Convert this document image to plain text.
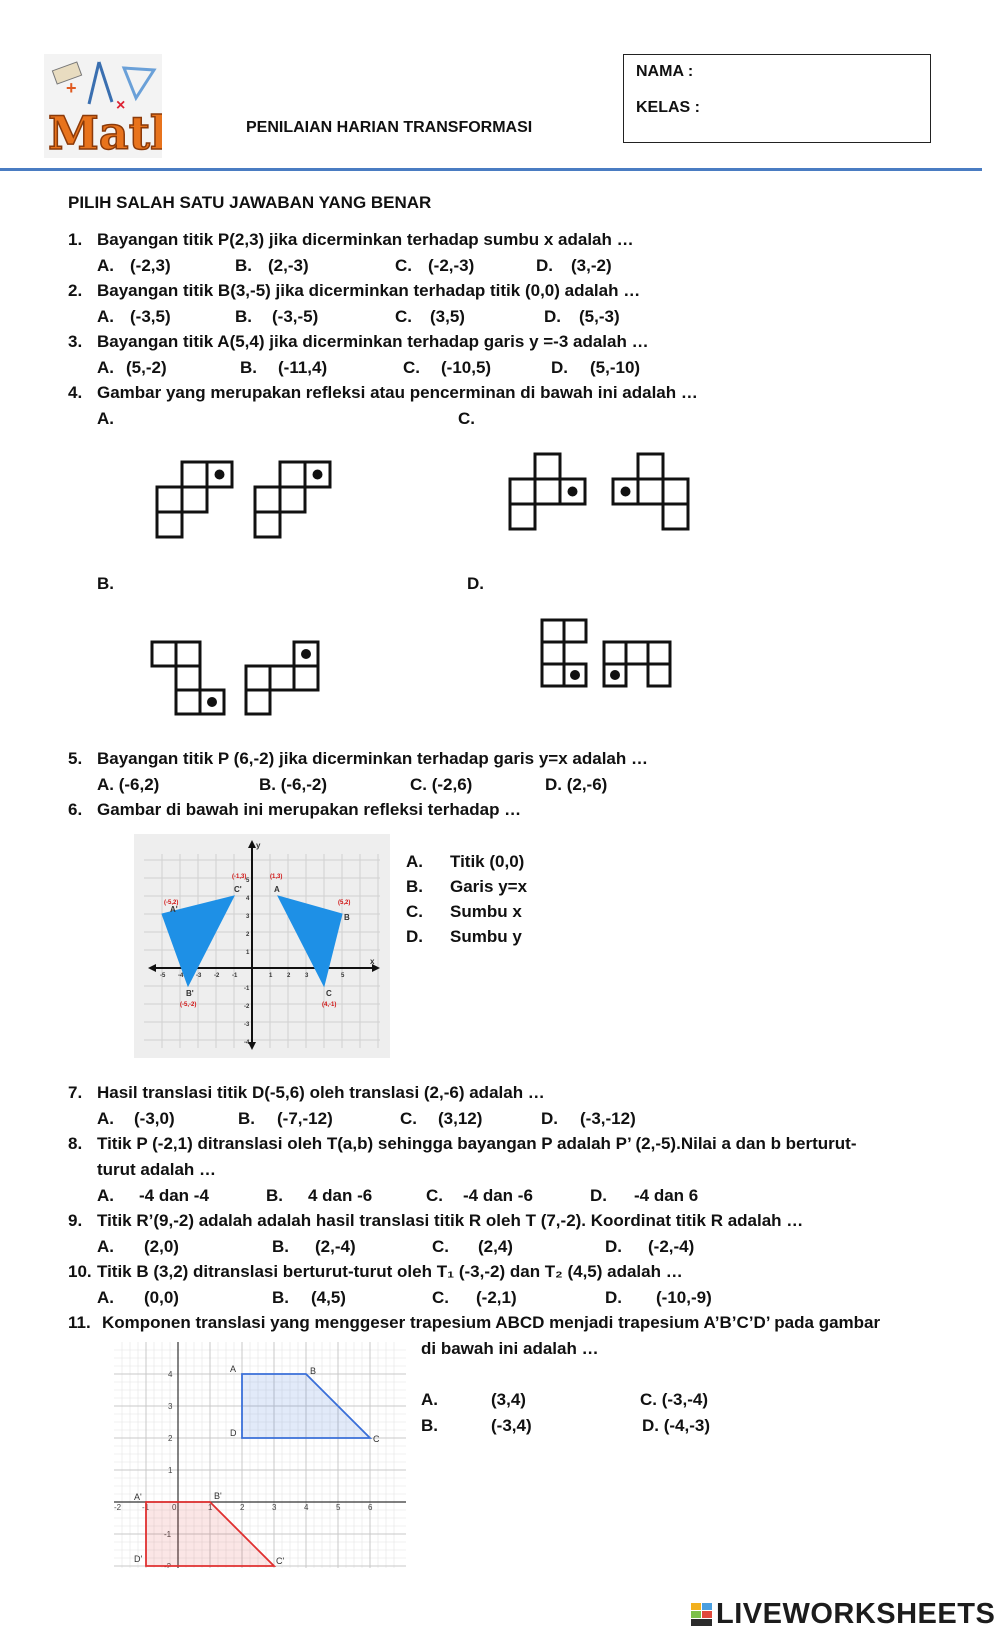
+
×
Mat	PENILAIAN HARIAN TRANSFORMASI
NAMA :
KELAS :
PILIH SALAH SATU JAWABAN YANG BENAR
1. Bayangan titik P(2,3) jika dicerminkan terhadap sumbu x adalah …
A. (-2,3)	B. (2,-3)	C. (-2,-3)	D. (3,-2)
2. Bayangan titik B(3,-5) jika dicerminkan terhadap titik (0,0) adalah …
A. (-3,5)	B. (-3,-5)	C. (3,5)	D. (5,-3)
3. Bayangan titik A(5,4) jika dicerminkan terhadap garis y =-3 adalah …
A. (5,-2)	B. (-11,4)	C. (-10,5)	D. (5,-10)
4. Gambar yang merupakan refleksi atau pencerminan di bawah ini adalah …
A.	C.
B.	D.
5. Bayangan titik P (6,-2) jika dicerminkan terhadap garis y=x adalah …
A. (-6,2)	B. (-6,-2)	C. (-2,6)	D. (2,-6)
6. Gambar di bawah ini merupakan refleksi terhadap …
y
x
-5 -4 -3 -2 -1	1 2 3	5
5
4
3
2
1
-1
-2
-3
-4
A
B
C
A'
B'
C'
(1,3)
(5,2)
(4,-1)
(-5,2)
(-5,-2)
(-1,3)
A. Titik (0,0)
B. Garis y=x
C. Sumbu x
D. Sumbu y
7. Hasil translasi titik D(-5,6) oleh translasi (2,-6) adalah …
A. (-3,0)	B. (-7,-12)	C. (3,12)	D. (-3,-12)
8. Titik P (-2,1) ditranslasi oleh T(a,b) sehingga bayangan P adalah P’ (2,-5).Nilai a dan b berturut-
turut adalah …
A. -4 dan -4	B. 4 dan -6	C. -4 dan -6	D. -4 dan 6
9. Titik R’(9,-2) adalah adalah hasil translasi titik R oleh T (7,-2). Koordinat titik R adalah …
A. (2,0)	B. (2,-4)	C. (2,4)	D. (-2,-4)
10. Titik B (3,2) ditranslasi berturut-turut oleh T₁ (-3,-2) dan T₂ (4,5) adalah …
A. (0,0)	B. (4,5)	C. (-2,1)	D. (-10,-9)
11. Komponen translasi yang menggeser trapesium ABCD menjadi trapesium A’B’C’D’ pada gambar
di bawah ini adalah …
-2	-1	0	1	2	3	4	5	6
4
3
2
1
-1
-2
A	B
C
D
A'	B'
C'
D'
A.	(3,4)
B.	(-3,4)
C. (-3,-4)
D. (-4,-3)
LIVEWORKSHEETS
